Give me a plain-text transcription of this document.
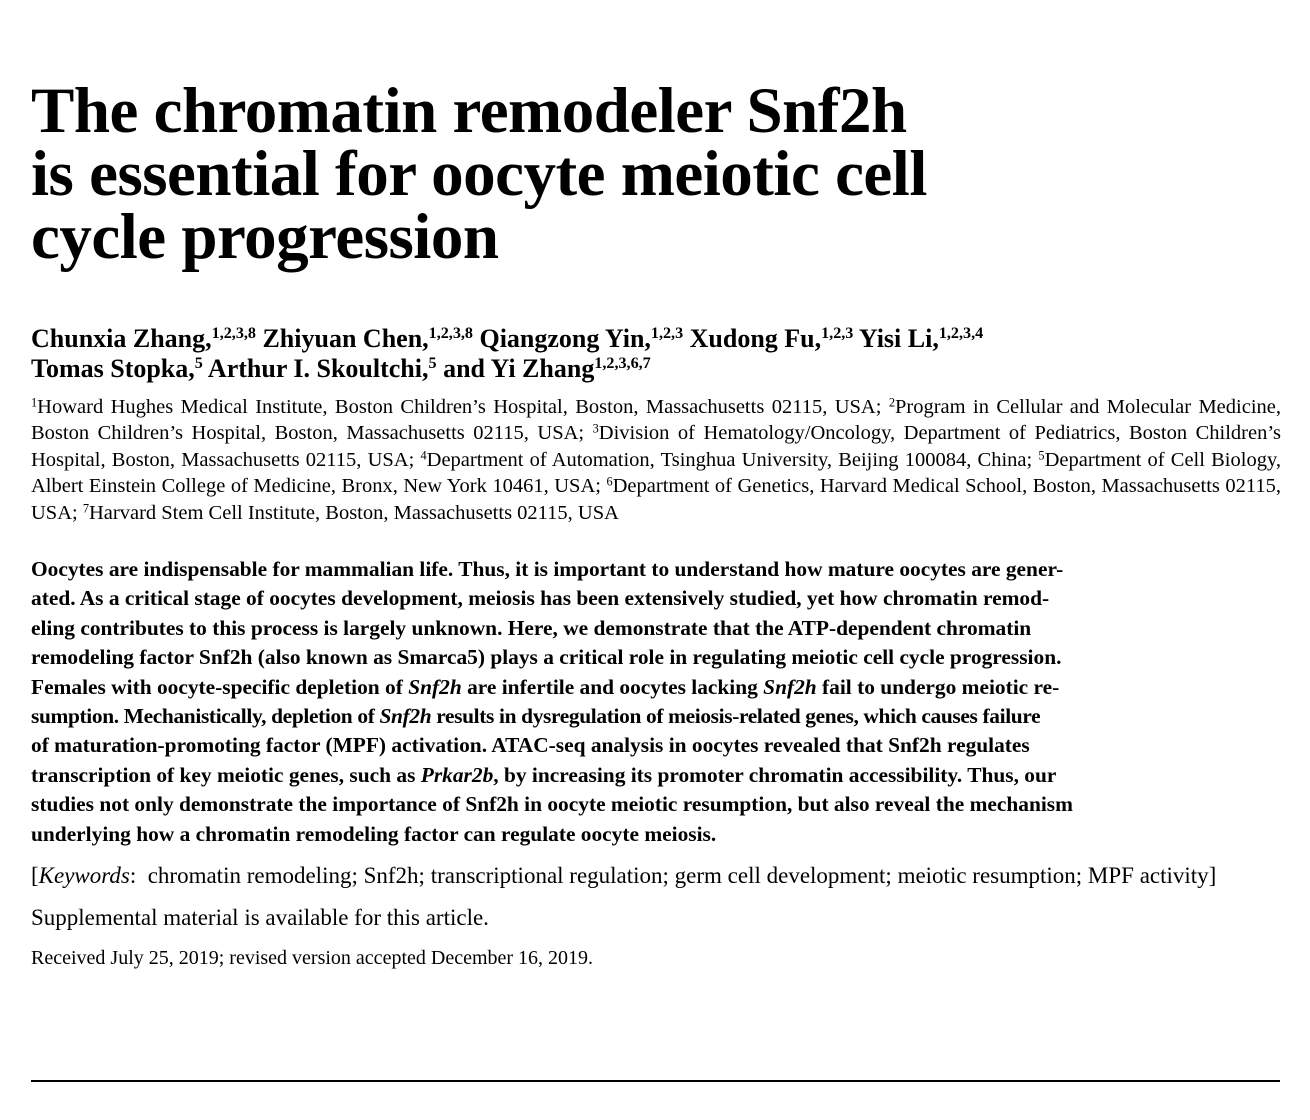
The chromatin remodeler Snf2h
is essential for oocyte meiotic cell
cycle progression
Chunxia Zhang,$^{1,2,3,8}$ Zhiyuan Chen,$^{1,2,3,8}$ Qiangzong Yin,$^{1,2,3}$ Xudong Fu,$^{1,2,3}$ Yisi Li,$^{1,2,3,4}$
Tomas Stopka,$^5$ Arthur I. Skoultchi,$^5$ and Yi Zhang$^{1,2,3,6,7}$
$^1$Howard Hughes Medical Institute, Boston Children’s Hospital, Boston, Massachusetts 02115, USA; $^2$Program in Cellular and Molecular Medicine, Boston Children’s Hospital, Boston, Massachusetts 02115, USA; $^3$Division of Hematology/Oncology, Department of Pediatrics, Boston Children’s Hospital, Boston, Massachusetts 02115, USA; $^4$Department of Automation, Tsinghua University, Beijing 100084, China; $^5$Department of Cell Biology, Albert Einstein College of Medicine, Bronx, New York 10461, USA; $^6$Department of Genetics, Harvard Medical School, Boston, Massachusetts 02115, USA; $^7$Harvard Stem Cell Institute, Boston, Massachusetts 02115, USA
Oocytes are indispensable for mammalian life. Thus, it is important to understand how mature oocytes are gener-
ated. As a critical stage of oocytes development, meiosis has been extensively studied, yet how chromatin remod-
eling contributes to this process is largely unknown. Here, we demonstrate that the ATP-dependent chromatin
remodeling factor Snf2h (also known as Smarca5) plays a critical role in regulating meiotic cell cycle progression.
Females with oocyte-specific depletion of Snf2h are infertile and oocytes lacking Snf2h fail to undergo meiotic re-
sumption. Mechanistically, depletion of Snf2h results in dysregulation of meiosis-related genes, which causes failure
of maturation-promoting factor (MPF) activation. ATAC-seq analysis in oocytes revealed that Snf2h regulates
transcription of key meiotic genes, such as Prkar2b, by increasing its promoter chromatin accessibility. Thus, our
studies not only demonstrate the importance of Snf2h in oocyte meiotic resumption, but also reveal the mechanism
underlying how a chromatin remodeling factor can regulate oocyte meiosis.
[Keywords:  chromatin remodeling; Snf2h; transcriptional regulation; germ cell development; meiotic resumption; MPF activity]
Supplemental material is available for this article.
Received July 25, 2019; revised version accepted December 16, 2019.
